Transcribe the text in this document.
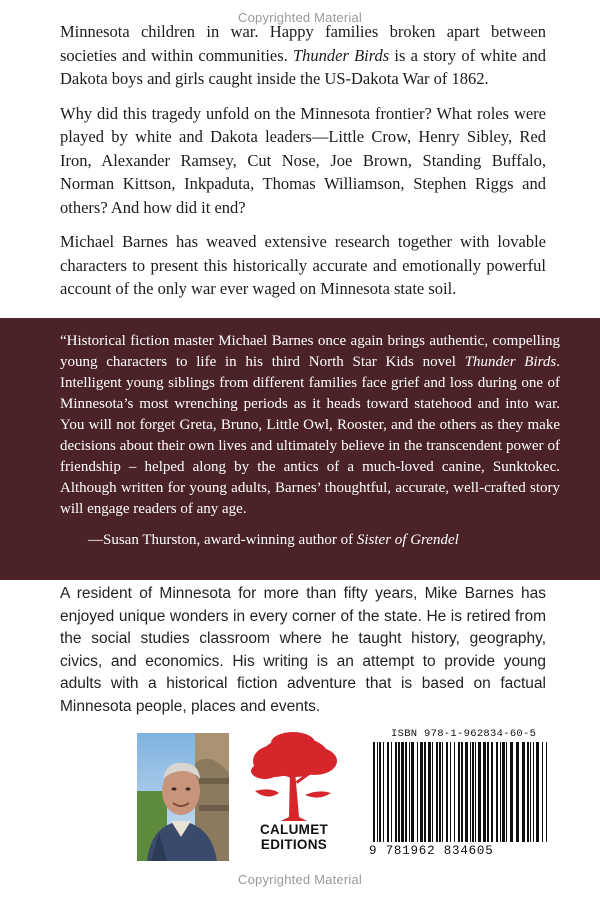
Copyrighted Material

Minnesota children in war. Happy families broken apart between societies and within communities. Thunder Birds is a story of white and Dakota boys and girls caught inside the US-Dakota War of 1862.

Why did this tragedy unfold on the Minnesota frontier? What roles were played by white and Dakota leaders—Little Crow, Henry Sibley, Red Iron, Alexander Ramsey, Cut Nose, Joe Brown, Standing Buffalo, Norman Kittson, Inkpaduta, Thomas Williamson, Stephen Riggs and others? And how did it end?

Michael Barnes has weaved extensive research together with lovable characters to present this historically accurate and emotionally powerful account of the only war ever waged on Minnesota state soil.

“Historical fiction master Michael Barnes once again brings authentic, compelling young characters to life in his third North Star Kids novel Thunder Birds. Intelligent young siblings from different families face grief and loss during one of Minnesota’s most wrenching periods as it heads toward statehood and into war. You will not forget Greta, Bruno, Little Owl, Rooster, and the others as they make decisions about their own lives and ultimately believe in the transcendent power of friendship – helped along by the antics of a much-loved canine, Sunktokec. Although written for young adults, Barnes’ thoughtful, accurate, well-crafted story will engage readers of any age.

—Susan Thurston, award-winning author of Sister of Grendel

A resident of Minnesota for more than fifty years, Mike Barnes has enjoyed unique wonders in every corner of the state. He is retired from the social studies classroom where he taught history, geography, civics, and economics. His writing is an attempt to provide young adults with a historical fiction adventure that is based on factual Minnesota people, places and events.
CALUMET
EDITIONS
ISBN 978-1-962834-60-5
9 781962 834605
Copyrighted Material
